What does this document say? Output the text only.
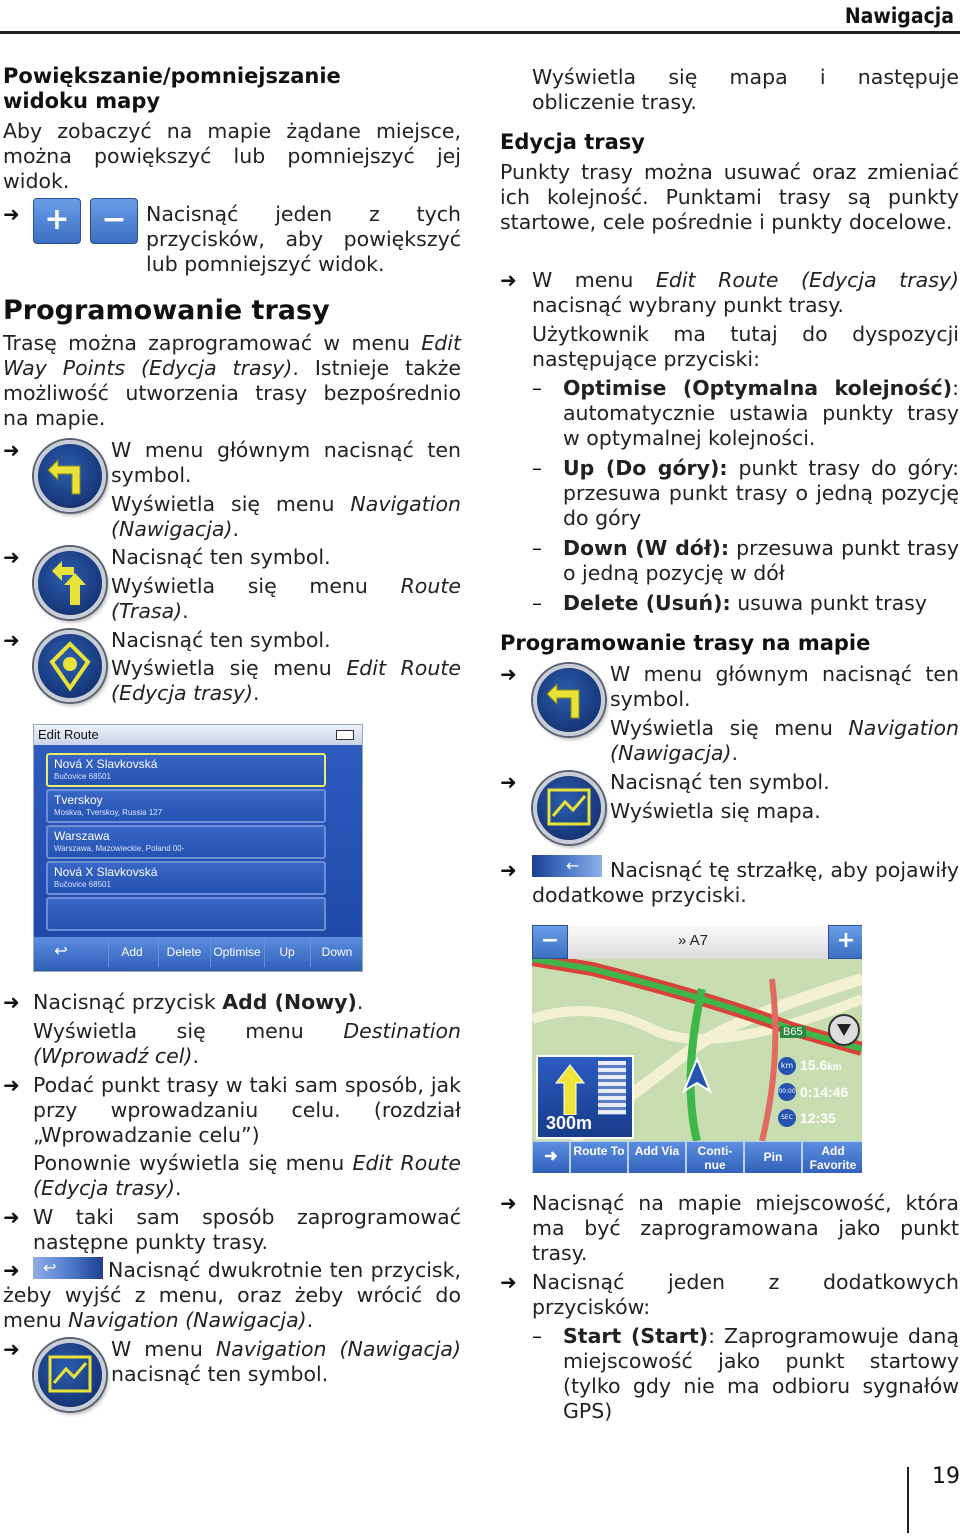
Nawigacja
Powiększanie/pomniejszanie widoku mapy
Aby zobaczyć na mapie żądane miejsce, można powiększyć lub pomniejszyć jej widok.
➜ +	− Nacisnąć jeden z tych przycisków, aby powiększyć lub pomniejszyć widok.
Programowanie trasy
Trasę można zaprogramować w menu Edit Way Points (Edycja trasy). Istnieje także możliwość utworzenia trasy bezpośrednio na mapie.
➜	W menu głównym nacisnąć ten symbol.
Wyświetla się menu Navigation (Nawigacja).
➜	Nacisnąć ten symbol.
Wyświetla się menu Route (Trasa).
➜	Nacisnąć ten symbol.
Wyświetla się menu Edit Route (Edycja trasy).
Edit Route
Nová X Slavkovská
Bučovice 68501
Tverskoy
Moskva, Tverskoy, Russia 127
Warszawa
Warszawa, Mazowieckie, Poland 00-
Nová X Slavkovská
Bučovice 68501
↩	Add	Delete Optimise	Up	Down
➜ Nacisnąć przycisk Add (Nowy).
Wyświetla się menu Destination (Wprowadź cel).
➜ Podać punkt trasy w taki sam sposób, jak przy wprowadzaniu celu. (rozdział „Wprowadzanie celu”)
Ponownie wyświetla się menu Edit Route (Edycja trasy).
➜ W taki sam sposób zaprogramować następne punkty trasy.
➜ ↩	Nacisnąć dwukrotnie ten przycisk, żeby wyjść z menu, oraz żeby wrócić do menu Navigation (Nawigacja).
➜	W menu Navigation (Nawigacja) nacisnąć ten symbol.
Wyświetla się mapa i następuje obliczenie trasy.
Edycja trasy
Punkty trasy można usuwać oraz zmieniać ich kolejność. Punktami trasy są punkty startowe, cele pośrednie i punkty docelowe.
➜ W menu Edit Route (Edycja trasy) nacisnąć wybrany punkt trasy.
Użytkownik ma tutaj do dyspozycji następujące przyciski:
– Optimise (Optymalna kolejność): automatycznie ustawia punkty trasy w optymalnej kolejności.
– Up (Do góry): punkt trasy do góry: przesuwa punkt trasy o jedną pozycję do góry
– Down (W dół): przesuwa punkt trasy o jedną pozycję w dół
– Delete (Usuń): usuwa punkt trasy
Programowanie trasy na mapie
➜	W menu głównym nacisnąć ten symbol.
Wyświetla się menu Navigation (Nawigacja).
➜	Nacisnąć ten symbol.
Wyświetla się mapa.
➜	←	Nacisnąć tę strzałkę, aby pojawiły dodatkowe przyciski.
−	+
» A7
B65
300m
km 15.6km
00:00 0:14:46
SEC 12:35
➜	Route To Add Via	Conti- nue
Pin	Add Favorite
➜ Nacisnąć na mapie miejscowość, która ma być zaprogramowana jako punkt trasy.
➜ Nacisnąć jeden z dodatkowych przycisków:
– Start (Start): Zaprogramowuje daną miejscowość jako punkt startowy (tylko gdy nie ma odbioru sygnałów GPS)
19
